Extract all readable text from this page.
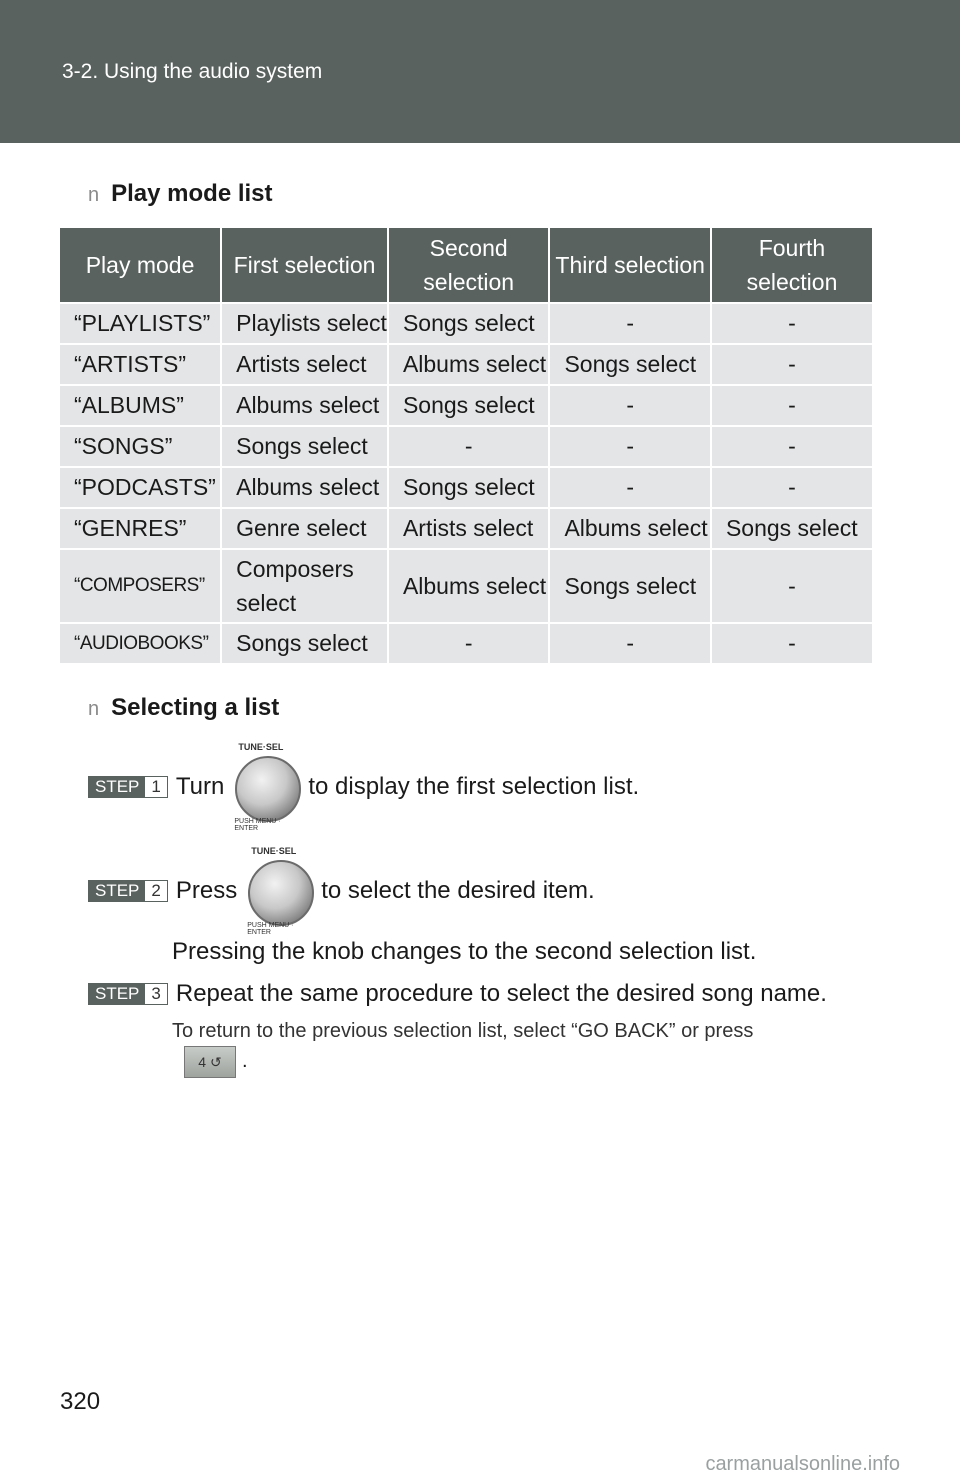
3-2. Using the audio system
n Play mode list
Play mode	First selection	Second selection	Third selection	Fourth selection
“PLAYLISTS”	Playlists select	Songs select	-	-
“ARTISTS”	Artists select	Albums select	Songs select	-
“ALBUMS”	Albums select	Songs select	-	-
“SONGS”	Songs select	-	-	-
“PODCASTS”	Albums select	Songs select	-	-
“GENRES”	Genre select	Artists select	Albums select	Songs select
“COMPOSERS”	Composers select	Albums select	Songs select	-
“AUDIOBOOKS”	Songs select	-	-	-
n Selecting a list
STEP 1 Turn
TUNE·SEL
PUSH MENU · ENTER
to display the first selection list.
STEP 2 Press
TUNE·SEL
PUSH MENU · ENTER
to select the desired item.
Pressing the knob changes to the second selection list.
STEP 3 Repeat the same procedure to select the desired song name.
To return to the previous selection list, select “GO BACK” or press
4 ↺	.
320
carmanualsonline.info
